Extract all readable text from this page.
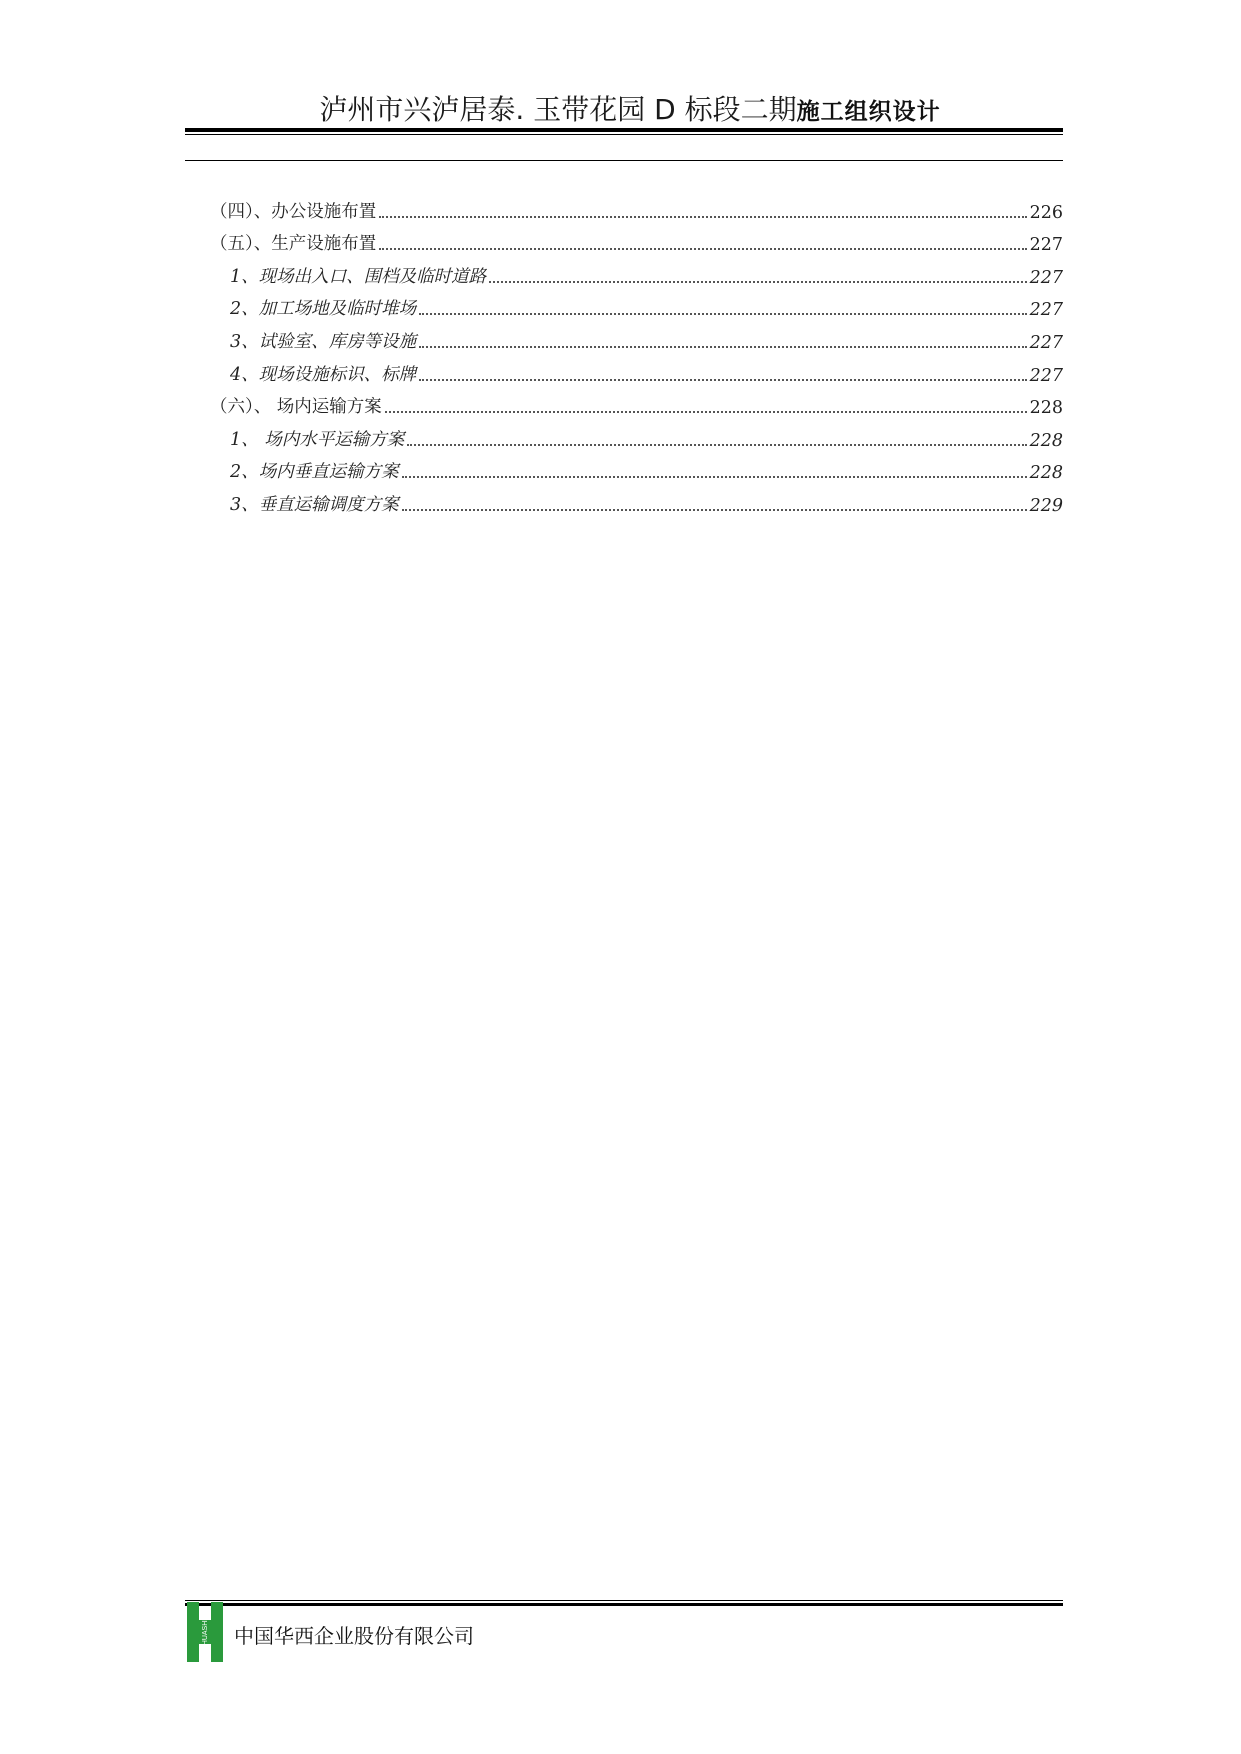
泸州市兴泸居泰. 玉带花园 D 标段二期 施工组织设计
（四）、办公设施布置	226
（五）、生产设施布置	227
1、现场出入口、围档及临时道路	227
2、加工场地及临时堆场	227
3、试验室、库房等设施	227
4、现场设施标识、标牌	227
（六）、 场内运输方案	228
1、 场内水平运输方案	228
2、场内垂直运输方案	228
3、垂直运输调度方案	229
HUASHI 中国华西企业股份有限公司
